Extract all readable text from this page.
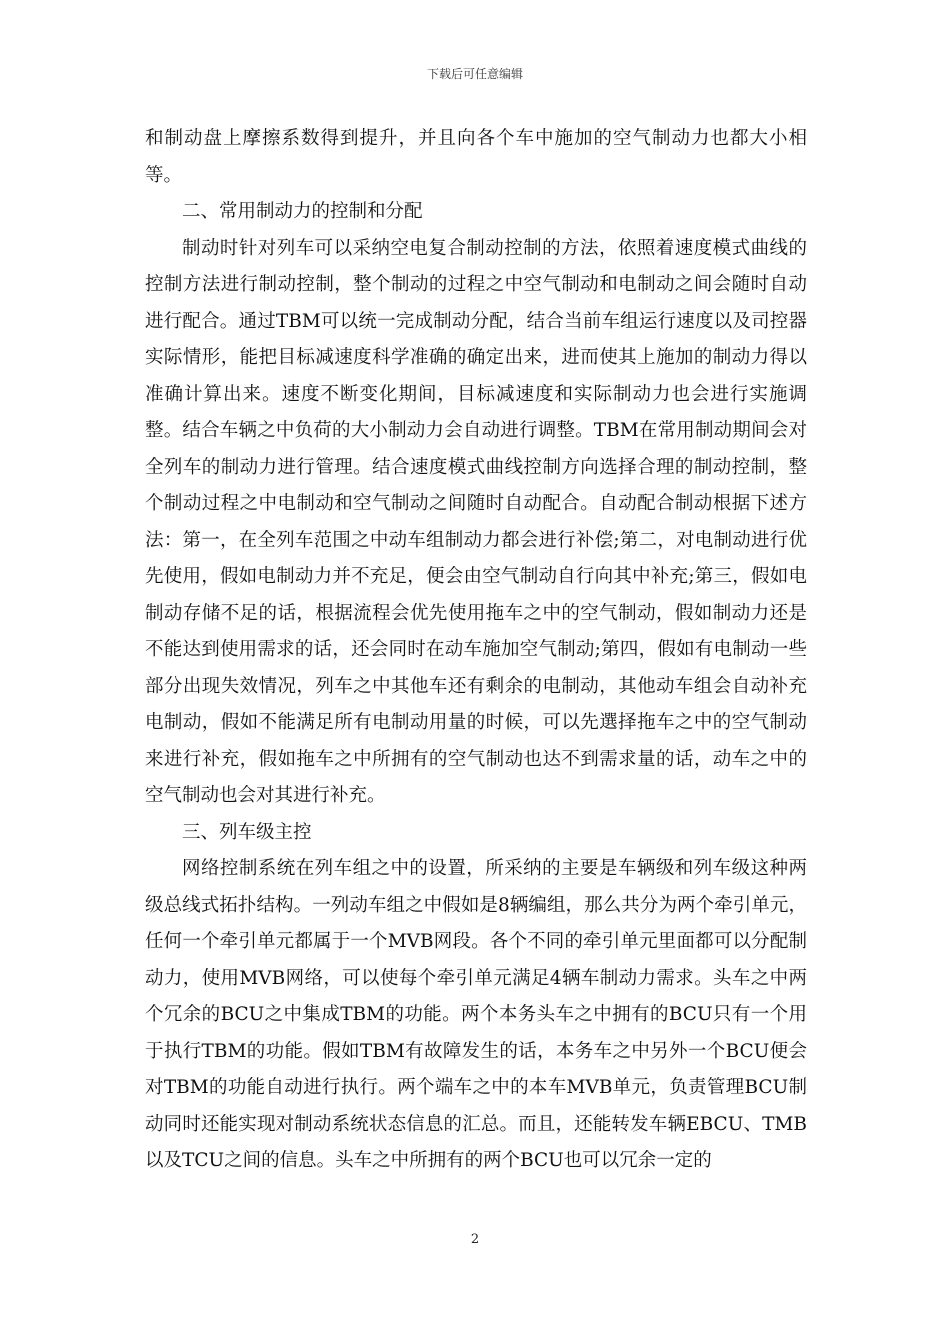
下载后可任意编辑

和制动盘上摩擦系数得到提升，并且向各个车中施加的空气制动力也都大小相等。

二、常用制动力的控制和分配

制动时针对列车可以采纳空电复合制动控制的方法，依照着速度模式曲线的控制方法进行制动控制，整个制动的过程之中空气制动和电制动之间会随时自动进行配合。通过TBM可以统一完成制动分配，结合当前车组运行速度以及司控器实际情形，能把目标减速度科学准确的确定出来，进而使其上施加的制动力得以准确计算出来。速度不断变化期间，目标减速度和实际制动力也会进行实施调整。结合车辆之中负荷的大小制动力会自动进行调整。TBM在常用制动期间会对全列车的制动力进行管理。结合速度模式曲线控制方向选择合理的制动控制，整个制动过程之中电制动和空气制动之间随时自动配合。自动配合制动根据下述方法：第一，在全列车范围之中动车组制动力都会进行补偿;第二，对电制动进行优先使用，假如电制动力并不充足，便会由空气制动自行向其中补充;第三，假如电制动存储不足的话，根据流程会优先使用拖车之中的空气制动，假如制动力还是不能达到使用需求的话，还会同时在动车施加空气制动;第四，假如有电制动一些部分出现失效情况，列车之中其他车还有剩余的电制动，其他动车组会自动补充电制动，假如不能满足所有电制动用量的时候，可以先選择拖车之中的空气制动来进行补充，假如拖车之中所拥有的空气制动也达不到需求量的话，动车之中的空气制动也会对其进行补充。

三、列车级主控

网络控制系统在列车组之中的设置，所采纳的主要是车辆级和列车级这种两级总线式拓扑结构。一列动车组之中假如是8辆编组，那么共分为两个牵引单元，任何一个牵引单元都属于一个MVB网段。各个不同的牵引单元里面都可以分配制动力，使用MVB网络，可以使每个牵引单元满足4辆车制动力需求。头车之中两个冗余的BCU之中集成TBM的功能。两个本务头车之中拥有的BCU只有一个用于执行TBM的功能。假如TBM有故障发生的话，本务车之中另外一个BCU便会对TBM的功能自动进行执行。两个端车之中的本车MVB单元，负责管理BCU制动同时还能实现对制动系统状态信息的汇总。而且，还能转发车辆EBCU、TMB以及TCU之间的信息。头车之中所拥有的两个BCU也可以冗余一定的

2
